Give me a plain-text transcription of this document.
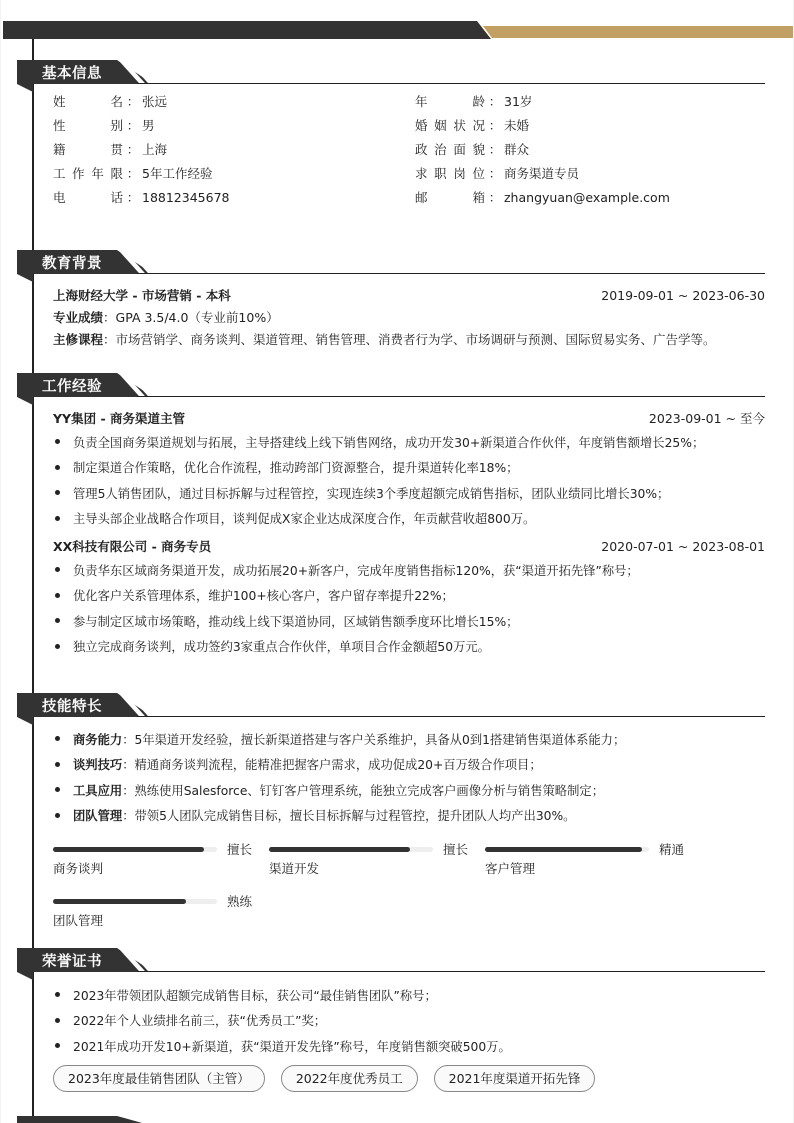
基本信息
姓	名 ： 张远	年	龄 ： 31岁
性	别 ： 男	婚 姻 状 况 ： 未婚
籍	贯 ： 上海	政 治 面 貌 ： 群众
工 作 年 限 ： 5年工作经验	求 职 岗 位 ： 商务渠道专员
电	话 ： 18812345678	邮	箱 ： zhangyuan@example.com
教育背景
上海财经大学 - 市场营销 - 本科	2019-09-01 ~ 2023-06-30
专业成绩 ：GPA 3.5/4.0（专业前10%）
主修课程 ：市场营销学、商务谈判、渠道管理、销售管理、消费者行为学、市场调研与预测、国际贸易实务、广告学等。
工作经验
YY集团 - 商务渠道主管	2023-09-01 ~ 至今
负责全国商务渠道规划与拓展，主导搭建线上线下销售网络，成功开发30+新渠道合作伙伴，年度销售额增长25%；
制定渠道合作策略，优化合作流程，推动跨部门资源整合，提升渠道转化率18%；
管理5人销售团队，通过目标拆解与过程管控，实现连续3个季度超额完成销售指标，团队业绩同比增长30%；
主导头部企业战略合作项目，谈判促成X家企业达成深度合作，年贡献营收超800万。
XX科技有限公司 - 商务专员	2020-07-01 ~ 2023-08-01
负责华东区域商务渠道开发，成功拓展20+新客户，完成年度销售指标120%，获“渠道开拓先锋”称号；
优化客户关系管理体系，维护100+核心客户，客户留存率提升22%；
参与制定区域市场策略，推动线上线下渠道协同，区域销售额季度环比增长15%；
独立完成商务谈判，成功签约3家重点合作伙伴，单项目合作金额超50万元。
技能特长
商务能力 ：5年渠道开发经验，擅长新渠道搭建与客户关系维护，具备从0到1搭建销售渠道体系能力；
谈判技巧 ：精通商务谈判流程，能精准把握客户需求，成功促成20+百万级合作项目；
工具应用 ：熟练使用Salesforce、钉钉客户管理系统，能独立完成客户画像分析与销售策略制定；
团队管理 ：带领5人团队完成销售目标，擅长目标拆解与过程管控，提升团队人均产出30%。
擅长
商务谈判
擅长
渠道开发
精通
客户管理
熟练
团队管理
荣誉证书
2023年带领团队超额完成销售目标，获公司“最佳销售团队”称号；
2022年个人业绩排名前三，获“优秀员工”奖；
2021年成功开发10+新渠道，获“渠道开发先锋”称号，年度销售额突破500万。
2023年度最佳销售团队（主管）	2022年度优秀员工	2021年度渠道开拓先锋
